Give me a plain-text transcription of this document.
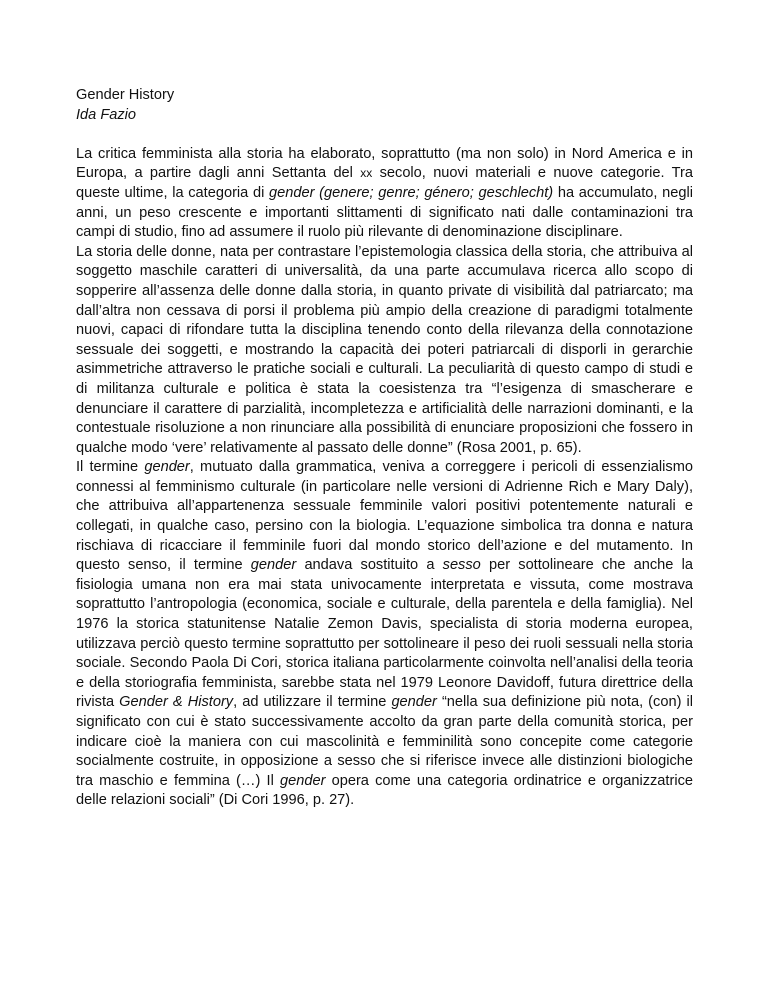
Gender History
Ida Fazio

La critica femminista alla storia ha elaborato, soprattutto (ma non solo) in Nord America e in Europa, a partire dagli anni Settanta del xx secolo, nuovi materiali e nuove categorie. Tra queste ultime, la categoria di gender (genere; genre; género; geschlecht) ha accumulato, negli anni, un peso crescente e importanti slittamenti di significato nati dalle contaminazioni tra campi di studio, fino ad assumere il ruolo più rilevante di denominazione disciplinare.

La storia delle donne, nata per contrastare l’epistemologia classica della storia, che attribuiva al soggetto maschile caratteri di universalità, da una parte accumulava ricerca allo scopo di sopperire all’assenza delle donne dalla storia, in quanto private di visibilità dal patriarcato; ma dall’altra non cessava di porsi il problema più ampio della creazione di paradigmi totalmente nuovi, capaci di rifondare tutta la disciplina tenendo conto della rilevanza della connotazione sessuale dei soggetti, e mostrando la capacità dei poteri patriarcali di disporli in gerarchie asimmetriche attraverso le pratiche sociali e culturali. La peculiarità di questo campo di studi e di militanza culturale e politica è stata la coesistenza tra “l’esigenza di smascherare e denunciare il carattere di parzialità, incompletezza e artificialità delle narrazioni dominanti, e la contestuale risoluzione a non rinunciare alla possibilità di enunciare proposizioni che fossero in qualche modo ‘vere’ relativamente al passato delle donne” (Rosa 2001, p. 65).

Il termine gender, mutuato dalla grammatica, veniva a correggere i pericoli di essenzialismo connessi al femminismo culturale (in particolare nelle versioni di Adrienne Rich e Mary Daly), che attribuiva all’appartenenza sessuale femminile valori positivi potentemente naturali e collegati, in qualche caso, persino con la biologia. L’equazione simbolica tra donna e natura rischiava di ricacciare il femminile fuori dal mondo storico dell’azione e del mutamento. In questo senso, il termine gender andava sostituito a sesso per sottolineare che anche la fisiologia umana non era mai stata univocamente interpretata e vissuta, come mostrava soprattutto l’antropologia (economica, sociale e culturale, della parentela e della famiglia). Nel 1976 la storica statunitense Natalie Zemon Davis, specialista di storia moderna europea, utilizzava perciò questo termine soprattutto per sottolineare il peso dei ruoli sessuali nella storia sociale. Secondo Paola Di Cori, storica italiana particolarmente coinvolta nell’analisi della teoria e della storiografia femminista, sarebbe stata nel 1979 Leonore Davidoff, futura direttrice della rivista Gender & History, ad utilizzare il termine gender “nella sua definizione più nota, (con) il significato con cui è stato successivamente accolto da gran parte della comunità storica, per indicare cioè la maniera con cui mascolinità e femminilità sono concepite come categorie socialmente costruite, in opposizione a sesso che si riferisce invece alle distinzioni biologiche tra maschio e femmina (…) Il gender opera come una categoria ordinatrice e organizzatrice delle relazioni sociali” (Di Cori 1996, p. 27).
